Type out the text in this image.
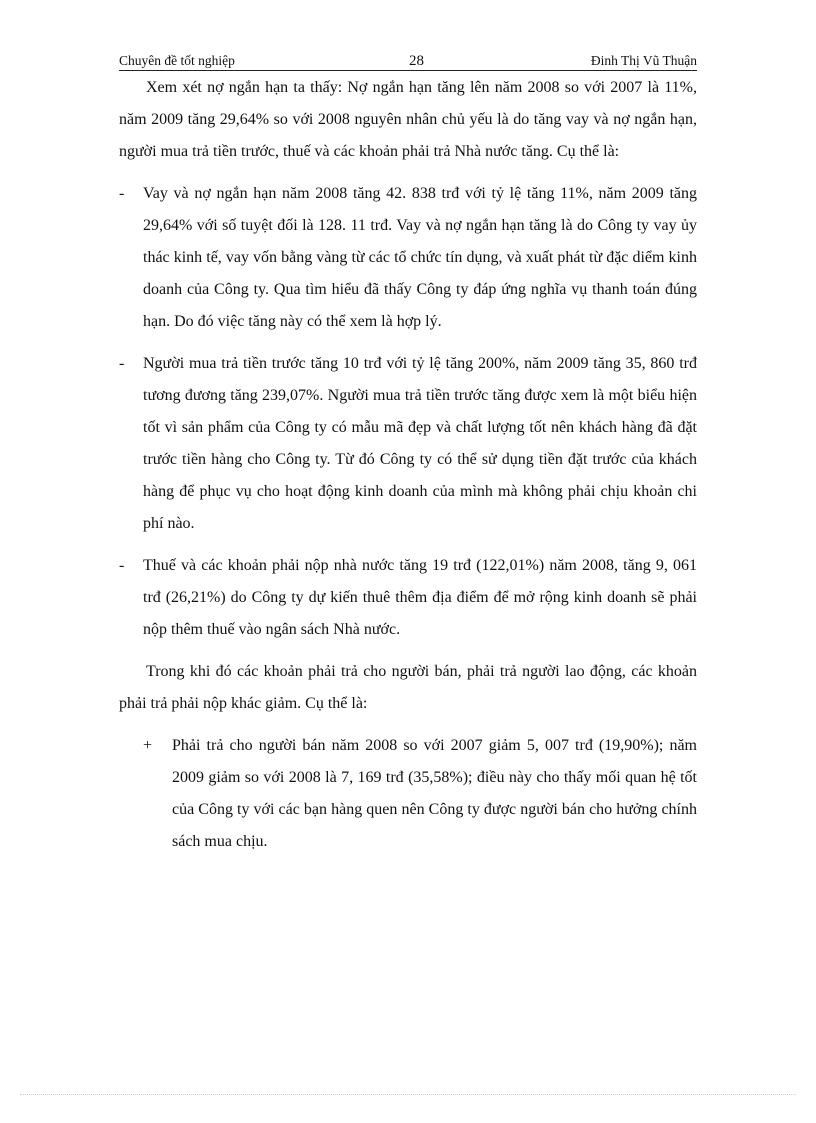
Chuyên đề tốt nghiệp	28	Đinh Thị Vũ Thuận

Xem xét nợ ngắn hạn ta thấy: Nợ ngắn hạn tăng lên năm 2008 so với 2007 là 11%, năm 2009 tăng 29,64% so với 2008 nguyên nhân chủ yếu là do tăng vay và nợ ngắn hạn, người mua trả tiền trước, thuế và các khoản phải trả Nhà nước tăng. Cụ thể là:

-	Vay và nợ ngắn hạn năm 2008 tăng 42. 838 trđ với tỷ lệ tăng 11%, năm 2009 tăng 29,64% với số tuyệt đối là 128. 11 trđ. Vay và nợ ngắn hạn tăng là do Công ty vay ủy thác kinh tế, vay vốn bằng vàng từ các tổ chức tín dụng, và xuất phát từ đặc diểm kinh doanh của Công ty. Qua tìm hiểu đã thấy Công ty đáp ứng nghĩa vụ thanh toán đúng hạn. Do đó việc tăng này có thể xem là hợp lý.
-	Người mua trả tiền trước tăng 10 trđ với tỷ lệ tăng 200%, năm 2009 tăng 35, 860 trđ tương đương tăng 239,07%. Người mua trả tiền trước tăng được xem là một biểu hiện tốt vì sản phẩm của Công ty có mẫu mã đẹp và chất lượng tốt nên khách hàng đã đặt trước tiền hàng cho Công ty. Từ đó Công ty có thể sử dụng tiền đặt trước của khách hàng để phục vụ cho hoạt động kinh doanh của mình mà không phải chịu khoản chi phí nào.
-	Thuế và các khoản phải nộp nhà nước tăng 19 trđ (122,01%) năm 2008, tăng 9, 061 trđ (26,21%) do Công ty dự kiến thuê thêm địa điểm để mở rộng kinh doanh sẽ phải nộp thêm thuế vào ngân sách Nhà nước.

Trong khi đó các khoản phải trả cho người bán, phải trả người lao động, các khoản phải trả phải nộp khác giảm. Cụ thể là:

+	Phải trả cho người bán năm 2008 so với 2007 giảm 5, 007 trđ (19,90%); năm 2009 giảm so với 2008 là 7, 169 trđ (35,58%); điều này cho thấy mối quan hệ tốt của Công ty với các bạn hàng quen nên Công ty được người bán cho hưởng chính sách mua chịu.
